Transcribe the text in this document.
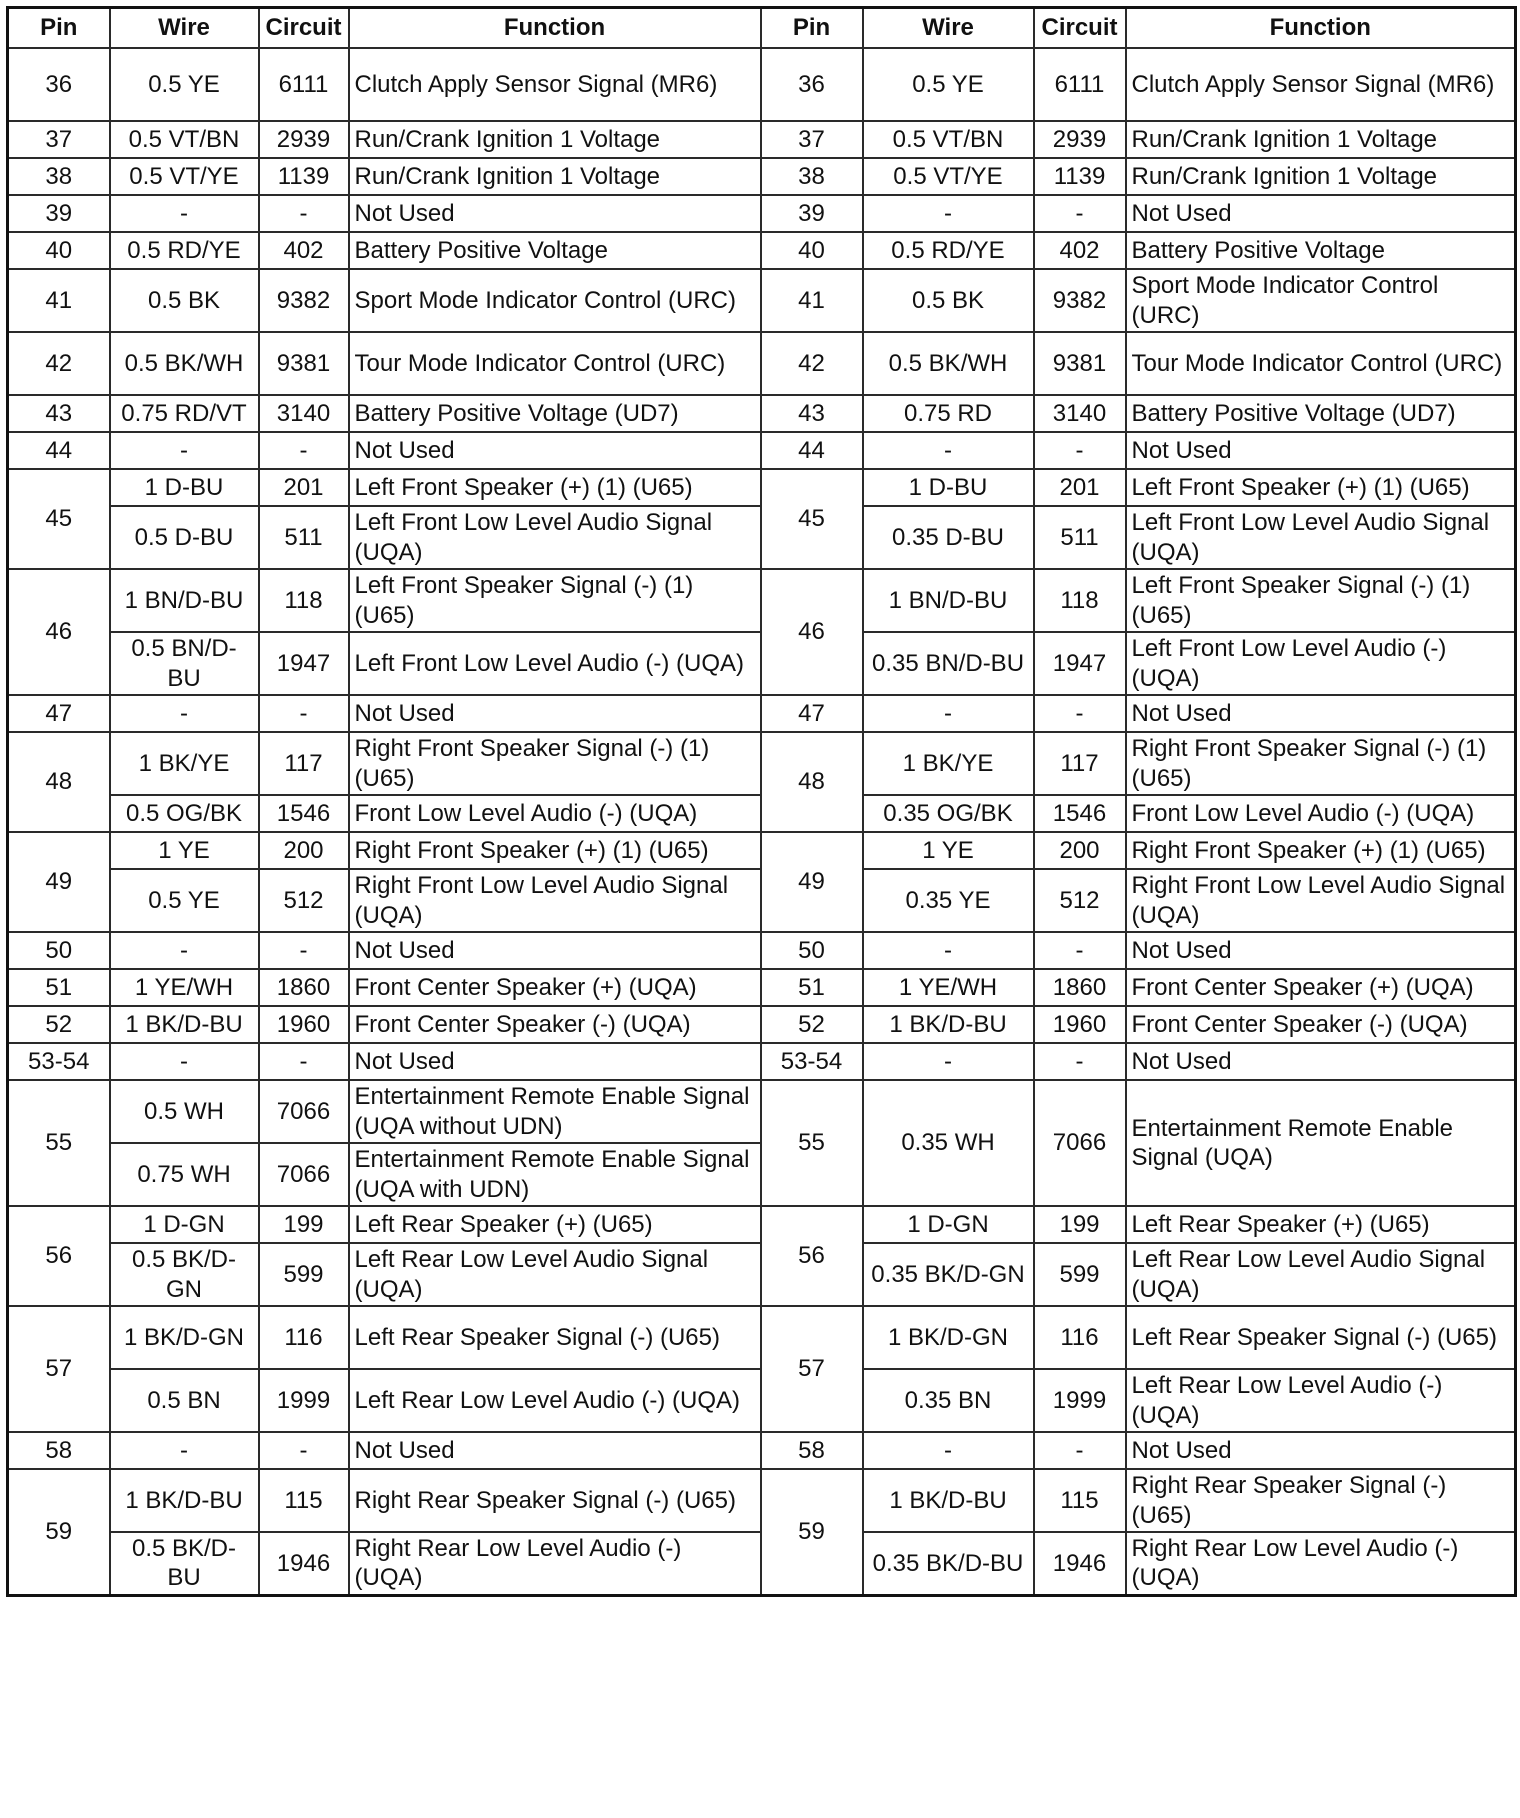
Pin	Wire	Circuit	Function	Pin	Wire	Circuit	Function
36	0.5 YE	6111	Clutch Apply Sensor Signal (MR6)	36	0.5 YE	6111	Clutch Apply Sensor Signal (MR6)
37	0.5 VT/BN	2939	Run/Crank Ignition 1 Voltage	37	0.5 VT/BN	2939	Run/Crank Ignition 1 Voltage
38	0.5 VT/YE	1139	Run/Crank Ignition 1 Voltage	38	0.5 VT/YE	1139	Run/Crank Ignition 1 Voltage
39	-	-	Not Used	39	-	-	Not Used
40	0.5 RD/YE	402	Battery Positive Voltage	40	0.5 RD/YE	402	Battery Positive Voltage
41	0.5 BK	9382	Sport Mode Indicator Control (URC)	41	0.5 BK	9382	Sport Mode Indicator Control (URC)
42	0.5 BK/WH	9381	Tour Mode Indicator Control (URC)	42	0.5 BK/WH	9381	Tour Mode Indicator Control (URC)
43	0.75 RD/VT	3140	Battery Positive Voltage (UD7)	43	0.75 RD	3140	Battery Positive Voltage (UD7)
44	-	-	Not Used	44	-	-	Not Used
45	1 D-BU	201	Left Front Speaker (+) (1) (U65)	45	1 D-BU	201	Left Front Speaker (+) (1) (U65)
	0.5 D-BU	511	Left Front Low Level Audio Signal (UQA)		0.35 D-BU	511	Left Front Low Level Audio Signal (UQA)
46	1 BN/D-BU	118	Left Front Speaker Signal (-) (1) (U65)	46	1 BN/D-BU	118	Left Front Speaker Signal (-) (1) (U65)
	0.5 BN/D-BU	1947	Left Front Low Level Audio (-) (UQA)		0.35 BN/D-BU	1947	Left Front Low Level Audio (-) (UQA)
47	-	-	Not Used	47	-	-	Not Used
48	1 BK/YE	117	Right Front Speaker Signal (-) (1) (U65)	48	1 BK/YE	117	Right Front Speaker Signal (-) (1) (U65)
	0.5 OG/BK	1546	Front Low Level Audio (-) (UQA)		0.35 OG/BK	1546	Front Low Level Audio (-) (UQA)
49	1 YE	200	Right Front Speaker (+) (1) (U65)	49	1 YE	200	Right Front Speaker (+) (1) (U65)
	0.5 YE	512	Right Front Low Level Audio Signal (UQA)		0.35 YE	512	Right Front Low Level Audio Signal (UQA)
50	-	-	Not Used	50	-	-	Not Used
51	1 YE/WH	1860	Front Center Speaker (+) (UQA)	51	1 YE/WH	1860	Front Center Speaker (+) (UQA)
52	1 BK/D-BU	1960	Front Center Speaker (-) (UQA)	52	1 BK/D-BU	1960	Front Center Speaker (-) (UQA)
53-54	-	-	Not Used	53-54	-	-	Not Used
55	0.5 WH	7066	Entertainment Remote Enable Signal (UQA without UDN)	55	0.35 WH	7066	Entertainment Remote Enable Signal (UQA)
	0.75 WH	7066	Entertainment Remote Enable Signal (UQA with UDN)				
56	1 D-GN	199	Left Rear Speaker (+) (U65)	56	1 D-GN	199	Left Rear Speaker (+) (U65)
	0.5 BK/D-GN	599	Left Rear Low Level Audio Signal (UQA)		0.35 BK/D-GN	599	Left Rear Low Level Audio Signal (UQA)
57	1 BK/D-GN	116	Left Rear Speaker Signal (-) (U65)	57	1 BK/D-GN	116	Left Rear Speaker Signal (-) (U65)
	0.5 BN	1999	Left Rear Low Level Audio (-) (UQA)		0.35 BN	1999	Left Rear Low Level Audio (-) (UQA)
58	-	-	Not Used	58	-	-	Not Used
59	1 BK/D-BU	115	Right Rear Speaker Signal (-) (U65)	59	1 BK/D-BU	115	Right Rear Speaker Signal (-) (U65)
	0.5 BK/D-BU	1946	Right Rear Low Level Audio (-) (UQA)		0.35 BK/D-BU	1946	Right Rear Low Level Audio (-) (UQA)
